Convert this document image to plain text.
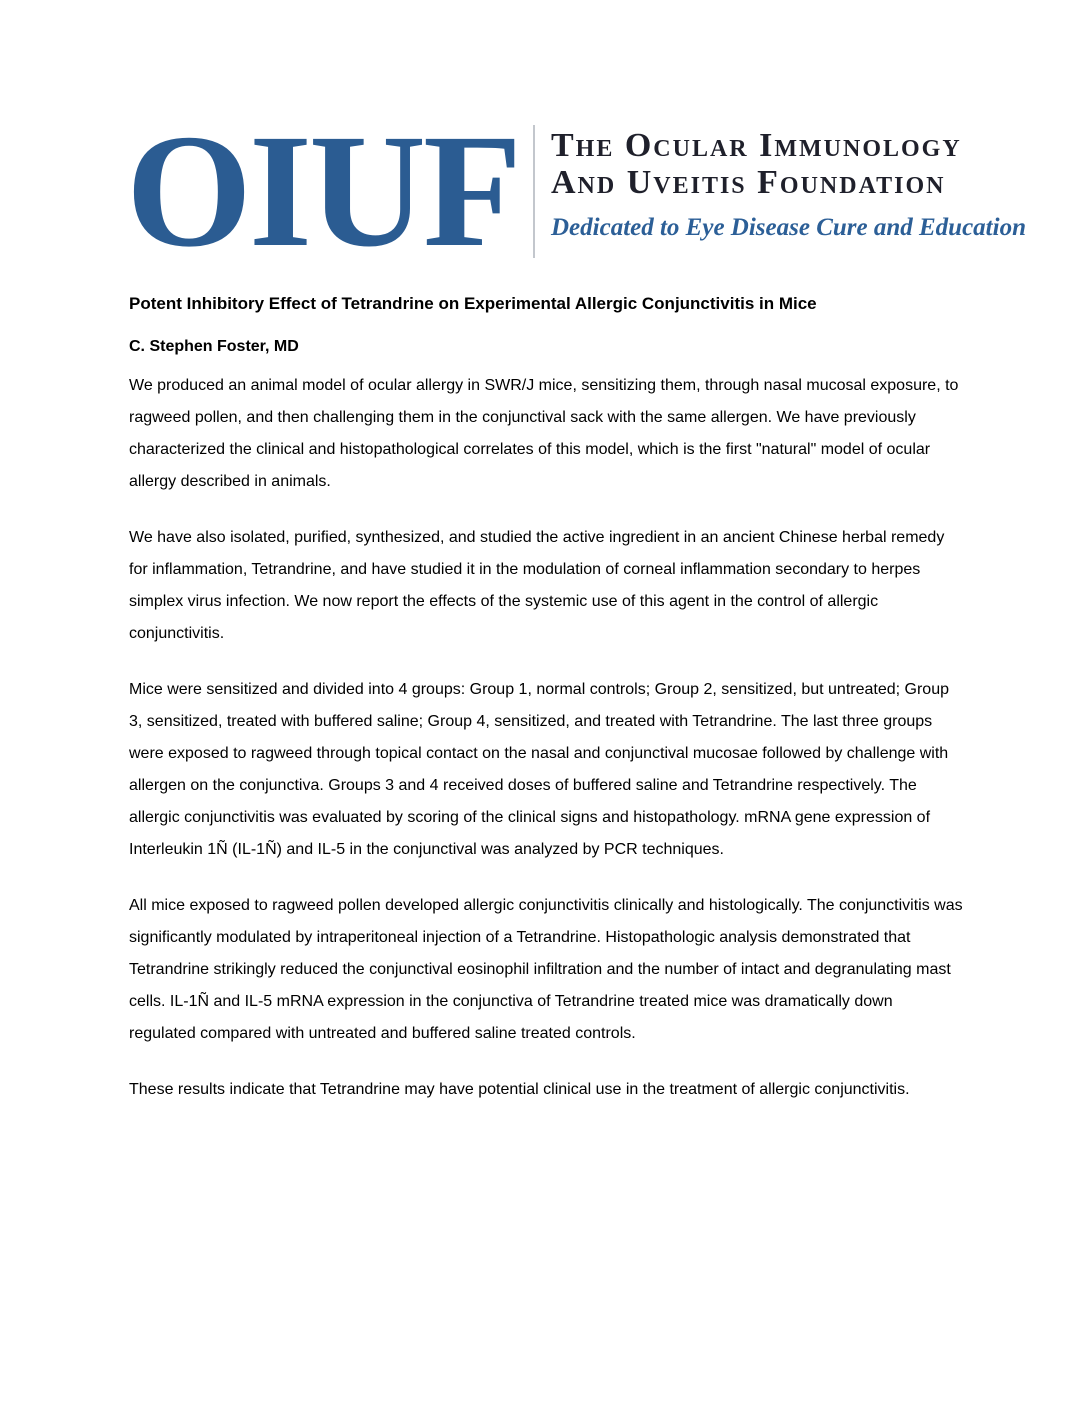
OIUF The Ocular Immunology
And Uveitis Foundation
Dedicated to Eye Disease Cure and Education
Potent Inhibitory Effect of Tetrandrine on Experimental Allergic Conjunctivitis in Mice

C. Stephen Foster, MD

We produced an animal model of ocular allergy in SWR/J mice, sensitizing them, through nasal mucosal exposure, to ragweed pollen, and then challenging them in the conjunctival sack with the same allergen. We have previously characterized the clinical and histopathological correlates of this model, which is the first "natural" model of ocular allergy described in animals.

We have also isolated, purified, synthesized, and studied the active ingredient in an ancient Chinese herbal remedy for inflammation, Tetrandrine, and have studied it in the modulation of corneal inflammation secondary to herpes simplex virus infection. We now report the effects of the systemic use of this agent in the control of allergic conjunctivitis.

Mice were sensitized and divided into 4 groups: Group 1, normal controls; Group 2, sensitized, but untreated; Group 3, sensitized, treated with buffered saline; Group 4, sensitized, and treated with Tetrandrine. The last three groups were exposed to ragweed through topical contact on the nasal and conjunctival mucosae followed by challenge with allergen on the conjunctiva. Groups 3 and 4 received doses of buffered saline and Tetrandrine respectively. The allergic conjunctivitis was evaluated by scoring of the clinical signs and histopathology. mRNA gene expression of Interleukin 1Ñ (IL-1Ñ) and IL-5 in the conjunctival was analyzed by PCR techniques.

All mice exposed to ragweed pollen developed allergic conjunctivitis clinically and histologically. The conjunctivitis was significantly modulated by intraperitoneal injection of a Tetrandrine. Histopathologic analysis demonstrated that Tetrandrine strikingly reduced the conjunctival eosinophil infiltration and the number of intact and degranulating mast cells. IL-1Ñ and IL-5 mRNA expression in the conjunctiva of Tetrandrine treated mice was dramatically down regulated compared with untreated and buffered saline treated controls.

These results indicate that Tetrandrine may have potential clinical use in the treatment of allergic conjunctivitis.
